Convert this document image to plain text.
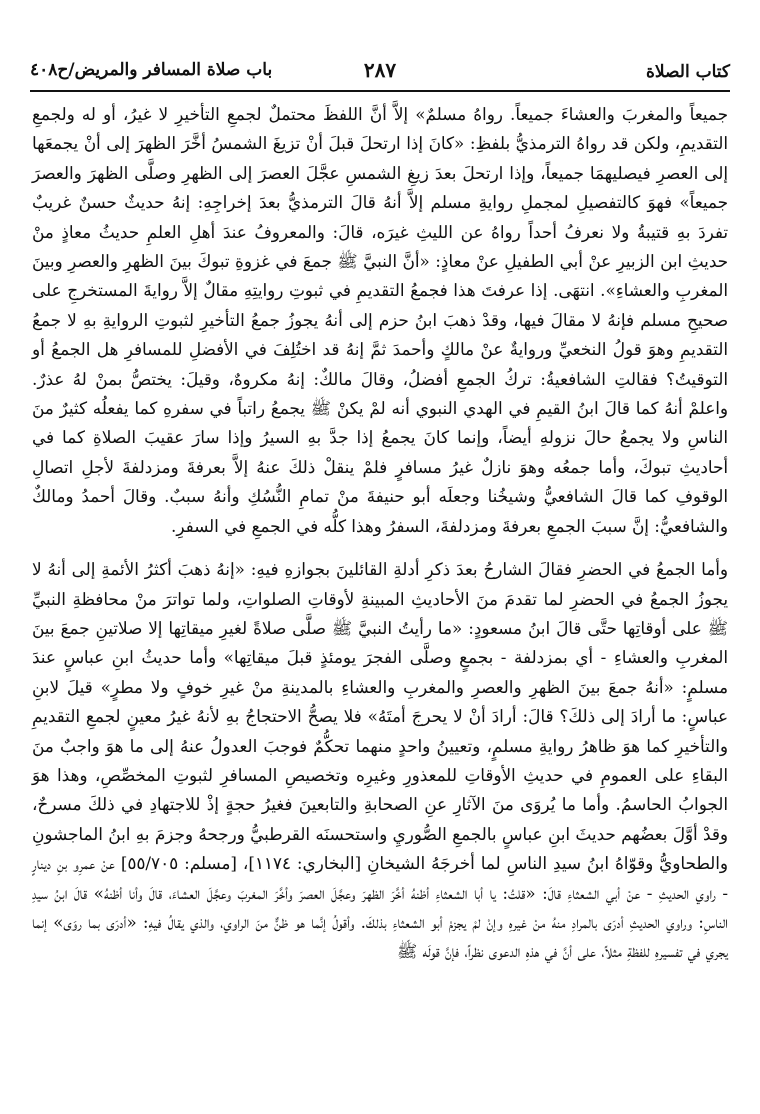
كتاب الصلاة
٢٨٧
باب صلاة المسافر والمريض/ح٤٠٨

جميعاً والمغربَ والعشاءَ جميعاً. رواهُ مسلمٌ» إلاَّ أنَّ اللفظَ محتملٌ لجمعِ التأخيرِ لا غيرُ، أو له ولجمعِ التقديمِ، ولكن قد رواهُ الترمذيُّ بلفظِ: «كانَ إذا ارتحلَ قبلَ أنْ تزيغَ الشمسُ أخَّرَ الظهرَ إلى أنْ يجمعَها إلى العصرِ فيصليهمَا جميعاً، وإذا ارتحلَ بعدَ زيغِ الشمسِ عجَّلَ العصرَ إلى الظهرِ وصلَّى الظهرَ والعصرَ جميعاً» فهوَ كالتفصيلِ لمجملِ روايةِ مسلم إلاَّ أنهُ قالَ الترمذيُّ بعدَ إخراجِهِ: إنهُ حديثٌ حسنٌ غريبٌ تفردَ بهِ قتيبةُ ولا نعرفُ أحداً رواهُ عن الليثِ غيرَه، قالَ: والمعروفُ عندَ أهلِ العلمِ حديثُ معاذٍ منْ حديثِ ابن الزبيرِ عنْ أبي الطفيلِ عنْ معاذٍ: «أنَّ النبيَّ ﷺ جمعَ في غزوةِ تبوكَ بينَ الظهرِ والعصرِ وبينَ المغربِ والعشاءِ». انتهَى. إذا عرفتَ هذا فجمعُ التقديمِ في ثبوتِ روايتِهِ مقالٌ إلاَّ روايةَ المستخرجِ على صحيحِ مسلم فإنهُ لا مقالَ فيها، وقدْ ذهبَ ابنُ حزم إلى أنهُ يجوزُ جمعُ التأخيرِ لثبوتِ الروايةِ بهِ لا جمعُ التقديمِ وهوَ قولُ النخعيِّ وروايةٌ عنْ مالكٍ وأحمدَ ثمَّ إنهُ قد اختُلِفَ في الأفضلِ للمسافرِ هل الجمعُ أو التوقيتُ؟ فقالتِ الشافعيةُ: تركُ الجمعِ أفضلُ، وقالَ مالكٌ: إنهُ مكروهٌ، وقيلَ: يختصُّ بمنْ لهُ عذرٌ. واعلمْ أنهُ كما قالَ ابنُ القيمِ في الهدي النبوي أنه لمْ يكنْ ﷺ يجمعُ راتباً في سفرهِ كما يفعلُه كثيرٌ منَ الناسِ ولا يجمعُ حالَ نزولهِ أيضاً، وإنما كانَ يجمعُ إذا جدَّ بهِ السيرُ وإذا سارَ عقيبَ الصلاةِ كما في أحاديثِ تبوكَ، وأما جمعُه وهوَ نازلٌ غيرُ مسافرٍ فلمْ ينقلْ ذلكَ عنهُ إلاَّ بعرفةَ ومزدلفةَ لأجلِ اتصالِ الوقوفِ كما قالَ الشافعيُّ وشيخُنا وجعلَه أبو حنيفةَ منْ تمامِ النُّسُكِ وأنهُ سببٌ. وقالَ أحمدُ ومالكٌ والشافعيُّ: إنَّ سببَ الجمعِ بعرفةَ ومزدلفةَ، السفرُ وهذا كلُّه في الجمعِ في السفرِ.

وأما الجمعُ في الحضرِ فقالَ الشارحُ بعدَ ذكرِ أدلةِ القائلينَ بجوازهِ فيهِ: «إنهُ ذهبَ أكثرُ الأئمةِ إلى أنهُ لا يجوزُ الجمعُ في الحضرِ لما تقدمَ منَ الأحاديثِ المبينةِ لأوقاتِ الصلواتِ، ولما تواترَ منْ محافظةِ النبيِّ ﷺ على أوقاتِها حتَّى قالَ ابنُ مسعودٍ: «ما رأيتُ النبيَّ ﷺ صلَّى صلاةً لغيرِ ميقاتِها إلا صلاتينِ جمعَ بينَ المغربِ والعشاءِ - أي بمزدلفة - بجمعٍ وصلَّى الفجرَ يومئذٍ قبلَ ميقاتِها» وأما حديثُ ابنِ عباسٍ عندَ مسلمٍ: «أنهُ جمعَ بينَ الظهرِ والعصرِ والمغربِ والعشاءِ بالمدينةِ منْ غيرِ خوفٍ ولا مطرٍ» قيلَ لابنِ عباسٍ: ما أرادَ إلى ذلكَ؟ قالَ: أرادَ أنْ لا يحرجَ أمتَهُ» فلا يصحُّ الاحتجاجُ بهِ لأنهُ غيرُ معينٍ لجمعِ التقديمِ والتأخيرِ كما هوَ ظاهرُ روايةِ مسلمٍ، وتعيينُ واحدٍ منهما تحكُّمٌ فوجبَ العدولُ عنهُ إلى ما هوَ واجبٌ منَ البقاءِ على العمومِ في حديثِ الأوقاتِ للمعذورِ وغيرِه وتخصيصِ المسافرِ لثبوتِ المخصِّصِ، وهذا هوَ الجوابُ الحاسمُ. وأما ما يُروَى منَ الآثارِ عنِ الصحابةِ والتابعينَ فغيرُ حجةٍ إذْ للاجتهادِ في ذلكَ مسرحٌ، وقدْ أوَّلَ بعضُهم حديثَ ابنِ عباسٍ بالجمعِ الصُّوريِ واستحسنَه القرطبيُّ ورجحهُ وجزمَ بهِ ابنُ الماجشونِ والطحاويُّ وقوّاهُ ابنُ سيدِ الناسِ لما أخرجَهُ الشيخانِ [البخاري: ١١٧٤]، [مسلم: ٥٥/٧٠٥] عنْ عمرِو بنِ دينارٍ - راوي الحديثِ - عنْ أبي الشعثاءِ قالَ: «قلتُ: يا أبا الشعثاءِ أظنهُ أخَّرَ الظهرَ وعجَّلَ العصرَ وأخَّرَ المغربَ وعجَّلَ العشاءَ، قالَ وأنا أظنهُ» قالَ ابنُ سيدِ الناسِ: وراوي الحديثِ أدرَى بالمرادِ منهُ منْ غيرهِ وإنْ لمْ يجزمْ أبو الشعثاءِ بذلكَ. وأقولُ إنَّما هو ظنٌّ منَ الراوي، والذي يقالُ فيهِ: «أدرَى بما روَى» إنما يجري في تفسيرهِ للفظةِ مثلاً، على أنَّ في هذهِ الدعوى نظراً، فإنَّ قولَه ﷺ
